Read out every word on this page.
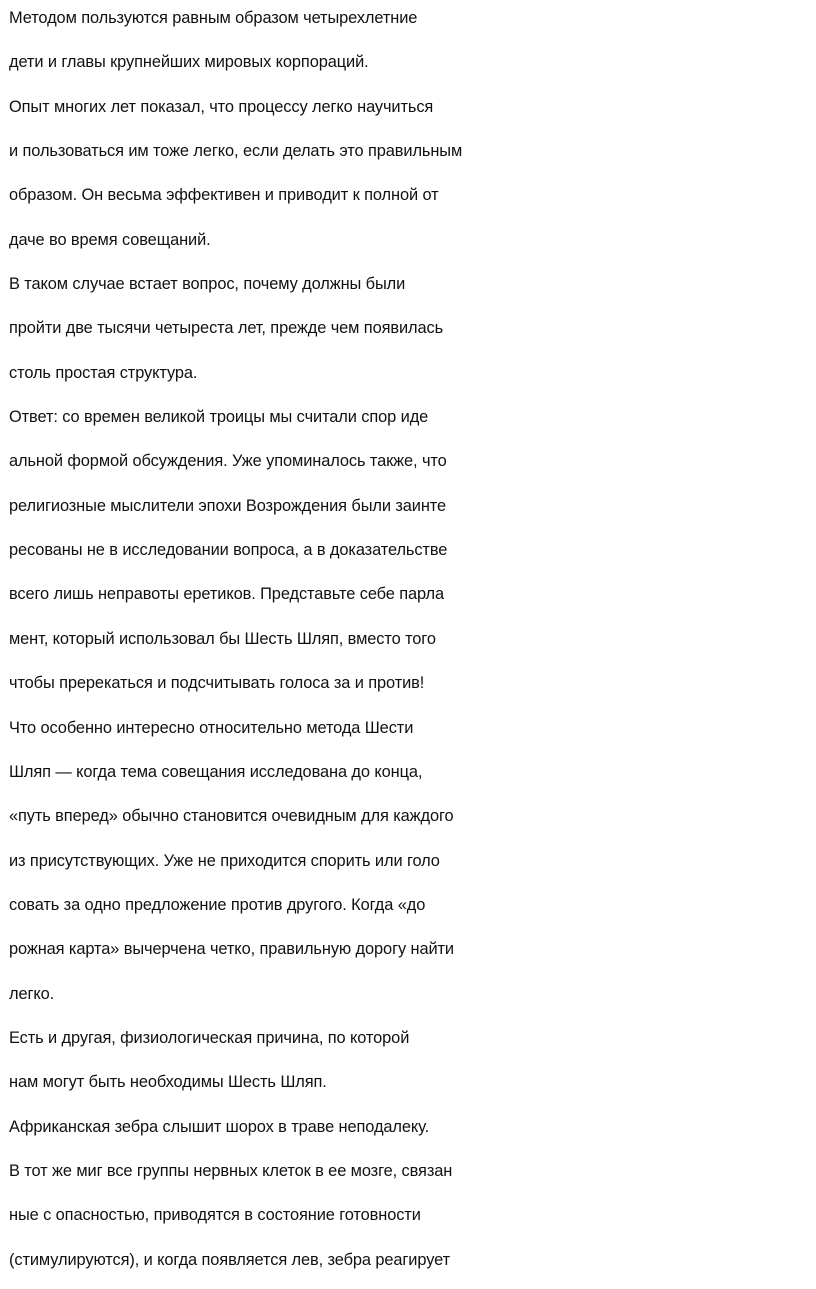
Методом пользуются равным образом четырехлетние
дети и главы крупнейших мировых корпораций.
Опыт многих лет показал, что процессу легко научиться
и пользоваться им тоже легко, если делать это правильным
образом. Он весьма эффективен и приводит к полной от
даче во время совещаний.
В таком случае встает вопрос, почему должны были
пройти две тысячи четыреста лет, прежде чем появилась
столь простая структура.
Ответ: со времен великой троицы мы считали спор иде
альной формой обсуждения. Уже упоминалось также, что
религиозные мыслители эпохи Возрождения были заинте
ресованы не в исследовании вопроса, а в доказательстве
всего лишь неправоты еретиков. Представьте себе парла
мент, который использовал бы Шесть Шляп, вместо того
чтобы пререкаться и подсчитывать голоса за и против!
Что особенно интересно относительно метода Шести
Шляп — когда тема совещания исследована до конца,
«путь вперед» обычно становится очевидным для каждого
из присутствующих. Уже не приходится спорить или голо
совать за одно предложение против другого. Когда «до
рожная карта» вычерчена четко, правильную дорогу найти
легко.
Есть и другая, физиологическая причина, по которой
нам могут быть необходимы Шесть Шляп.
Африканская зебра слышит шорох в траве неподалеку.
В тот же миг все группы нервных клеток в ее мозге, связан
ные с опасностью, приводятся в состояние готовности
(стимулируются), и когда появляется лев, зебра реагирует
